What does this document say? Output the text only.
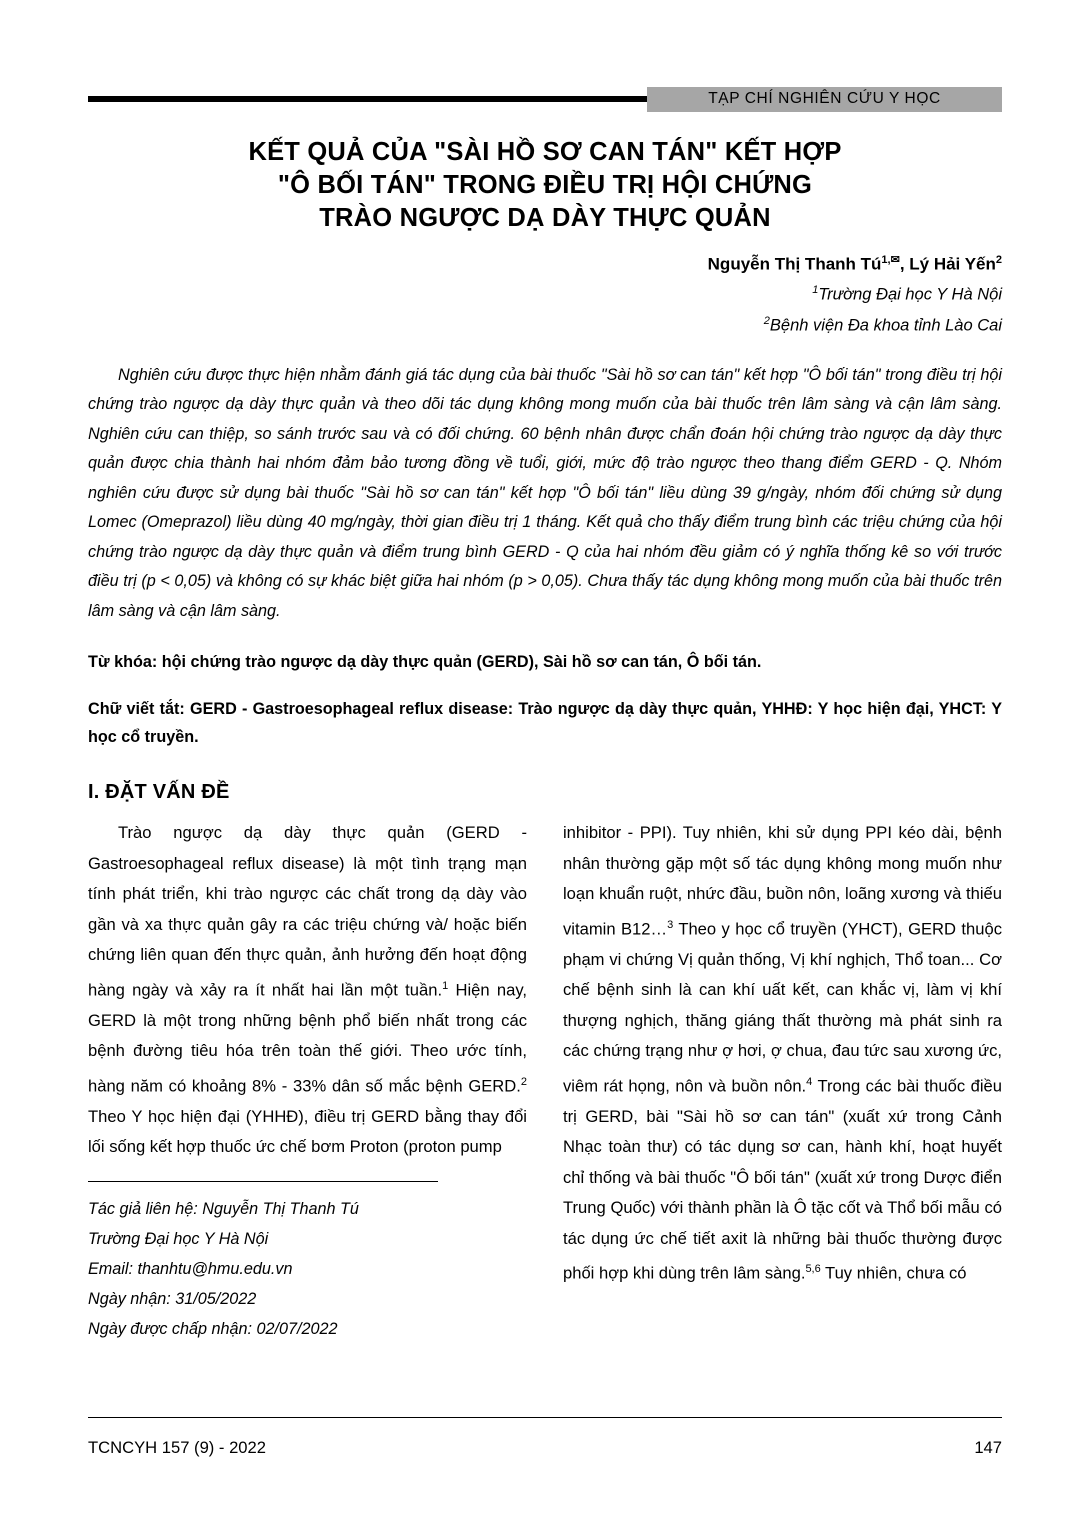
TẠP CHÍ NGHIÊN CỨU Y HỌC
KẾT QUẢ CỦA "SÀI HỒ SƠ CAN TÁN" KẾT HỢP
"Ô BỐI TÁN" TRONG ĐIỀU TRỊ HỘI CHỨNG
TRÀO NGƯỢC DẠ DÀY THỰC QUẢN
Nguyễn Thị Thanh $Tú^{1,✉}$, Lý Hải Yến$^2$
$^1$Trường Đại học Y Hà Nội
$^2$Bệnh viện Đa khoa tỉnh Lào Cai
Nghiên cứu được thực hiện nhằm đánh giá tác dụng của bài thuốc "Sài hồ sơ can tán" kết hợp "Ô bối tán" trong điều trị hội chứng trào ngược dạ dày thực quản và theo dõi tác dụng không mong muốn của bài thuốc trên lâm sàng và cận lâm sàng. Nghiên cứu can thiệp, so sánh trước sau và có đối chứng. 60 bệnh nhân được chẩn đoán hội chứng trào ngược dạ dày thực quản được chia thành hai nhóm đảm bảo tương đồng về tuổi, giới, mức độ trào ngược theo thang điểm GERD - Q. Nhóm nghiên cứu được sử dụng bài thuốc "Sài hồ sơ can tán" kết hợp "Ô bối tán" liều dùng 39 g/ngày, nhóm đối chứng sử dụng Lomec (Omeprazol) liều dùng 40 mg/ngày, thời gian điều trị 1 tháng. Kết quả cho thấy điểm trung bình các triệu chứng của hội chứng trào ngược dạ dày thực quản và điểm trung bình GERD - Q của hai nhóm đều giảm có ý nghĩa thống kê so với trước điều trị (p < 0,05) và không có sự khác biệt giữa hai nhóm (p > 0,05). Chưa thấy tác dụng không mong muốn của bài thuốc trên lâm sàng và cận lâm sàng.
Từ khóa: hội chứng trào ngược dạ dày thực quản (GERD), Sài hồ sơ can tán, Ô bối tán.
Chữ viết tắt: GERD - Gastroesophageal reflux disease: Trào ngược dạ dày thực quản, YHHĐ: Y học hiện đại, YHCT: Y học cổ truyền.
I. ĐẶT VẤN ĐỀ

Trào ngược dạ dày thực quản (GERD - Gastroesophageal reflux disease) là một tình trạng mạn tính phát triển, khi trào ngược các chất trong dạ dày vào gần và xa thực quản gây ra các triệu chứng và/ hoặc biến chứng liên quan đến thực quản, ảnh hưởng đến hoạt động hàng ngày và xảy ra ít nhất hai lần một tuần.$^1$ Hiện nay, GERD là một trong những bệnh phổ biến nhất trong các bệnh đường tiêu hóa trên toàn thế giới. Theo ước tính, hàng năm có khoảng 8% - 33% dân số mắc bệnh GERD.$^2$ Theo Y học hiện đại (YHHĐ), điều trị GERD bằng thay đổi lối sống kết hợp thuốc ức chế bơm Proton (proton pump

Tác giả liên hệ: Nguyễn Thị Thanh Tú
Trường Đại học Y Hà Nội
Email: thanhtu@hmu.edu.vn
Ngày nhận: 31/05/2022
Ngày được chấp nhận: 02/07/2022

inhibitor - PPI). Tuy nhiên, khi sử dụng PPI kéo dài, bệnh nhân thường gặp một số tác dụng không mong muốn như loạn khuẩn ruột, nhức đầu, buồn nôn, loãng xương và thiếu vitamin B12…$^3$ Theo y học cổ truyền (YHCT), GERD thuộc phạm vi chứng Vị quản thống, Vị khí nghịch, Thổ toan... Cơ chế bệnh sinh là can khí uất kết, can khắc vị, làm vị khí thượng nghịch, thăng giáng thất thường mà phát sinh ra các chứng trạng như ợ hơi, ợ chua, đau tức sau xương ức, viêm rát họng, nôn và buồn nôn.$^4$ Trong các bài thuốc điều trị GERD, bài "Sài hồ sơ can tán" (xuất xứ trong Cảnh Nhạc toàn thư) có tác dụng sơ can, hành khí, hoạt huyết chỉ thống và bài thuốc "Ô bối tán" (xuất xứ trong Dược điển Trung Quốc) với thành phần là Ô tặc cốt và Thổ bối mẫu có tác dụng ức chế tiết axit là những bài thuốc thường được phối hợp khi dùng trên lâm sàng.$^{5,6}$ Tuy nhiên, chưa có

TCNCYH 157 (9) - 2022	147
